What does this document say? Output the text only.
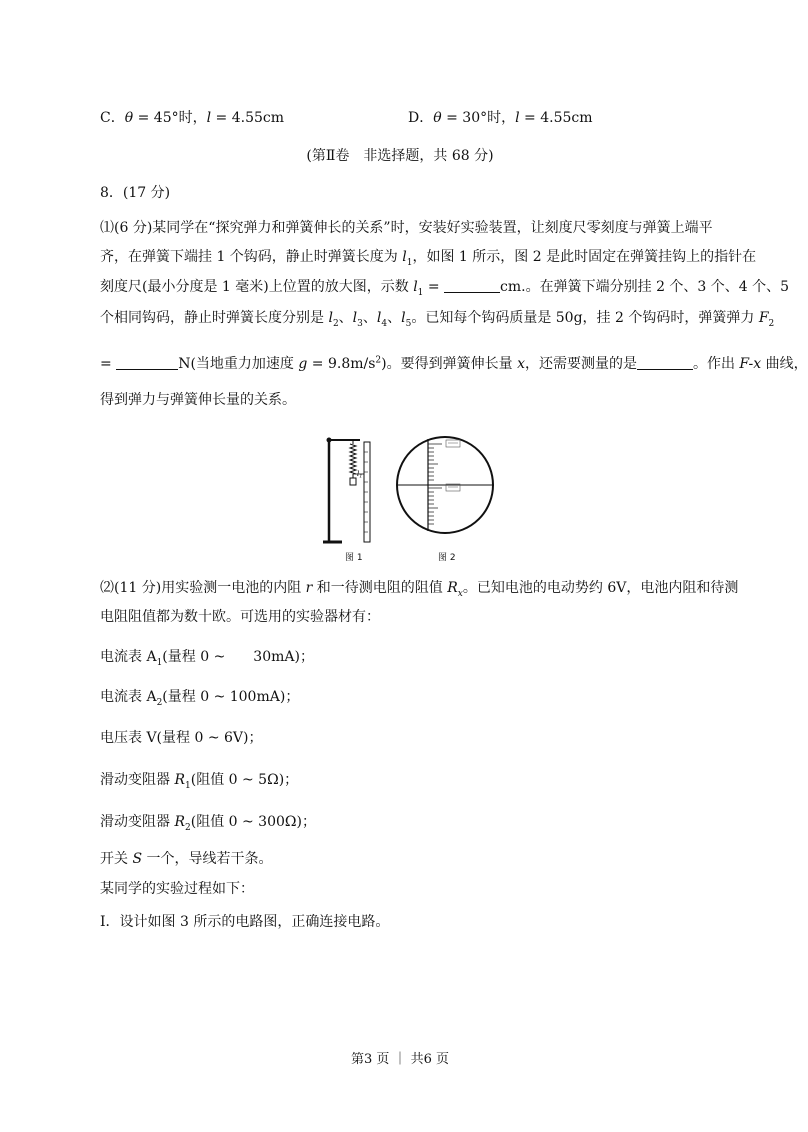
C．θ = 45°时，l = 4.55cm	D．θ = 30°时，l = 4.55cm
(第Ⅱ卷　非选择题，共 68 分)
8．(17 分)
⑴(6 分)某同学在“探究弹力和弹簧伸长的关系”时，安装好实验装置，让刻度尺零刻度与弹簧上端平
齐，在弹簧下端挂 1 个钩码，静止时弹簧长度为 $l_1$，如图 1 所示，图 2 是此时固定在弹簧挂钩上的指针在
刻度尺(最小分度是 1 毫米)上位置的放大图，示数 $l_1$ =	cm.。在弹簧下端分别挂 2 个、3 个、4 个、5
个相同钩码，静止时弹簧长度分别是 $l_2$、$l_3$、$l_4$、$l_5$。已知每个钩码质量是 50g，挂 2 个钩码时，弹簧弹力 $F_2$
=	N(当地重力加速度 $g = 9.8m/s^2$)。要得到弹簧伸长量 x，还需要测量的是	。作出 F-x 曲线，
得到弹力与弹簧伸长量的关系。
$l_1$
图 1	图 2
⑵(11 分)用实验测一电池的内阻 r 和一待测电阻的阻值 $R_x$。已知电池的电动势约 6V，电池内阻和待测
电阻阻值都为数十欧。可选用的实验器材有：
电流表 $A_1$(量程 0 ~　　30mA)；
电流表 $A_2$(量程 0 ~ 100mA)；
电压表 V(量程 0 ~ 6V)；
滑动变阻器 $R_1$(阻值 0 ~ 5Ω)；
滑动变阻器 $R_2$(阻值 0 ~ 300Ω)；
开关 S 一个，导线若干条。
某同学的实验过程如下：
Ⅰ．设计如图 3 所示的电路图，正确连接电路。
第3 页 ｜ 共6 页
